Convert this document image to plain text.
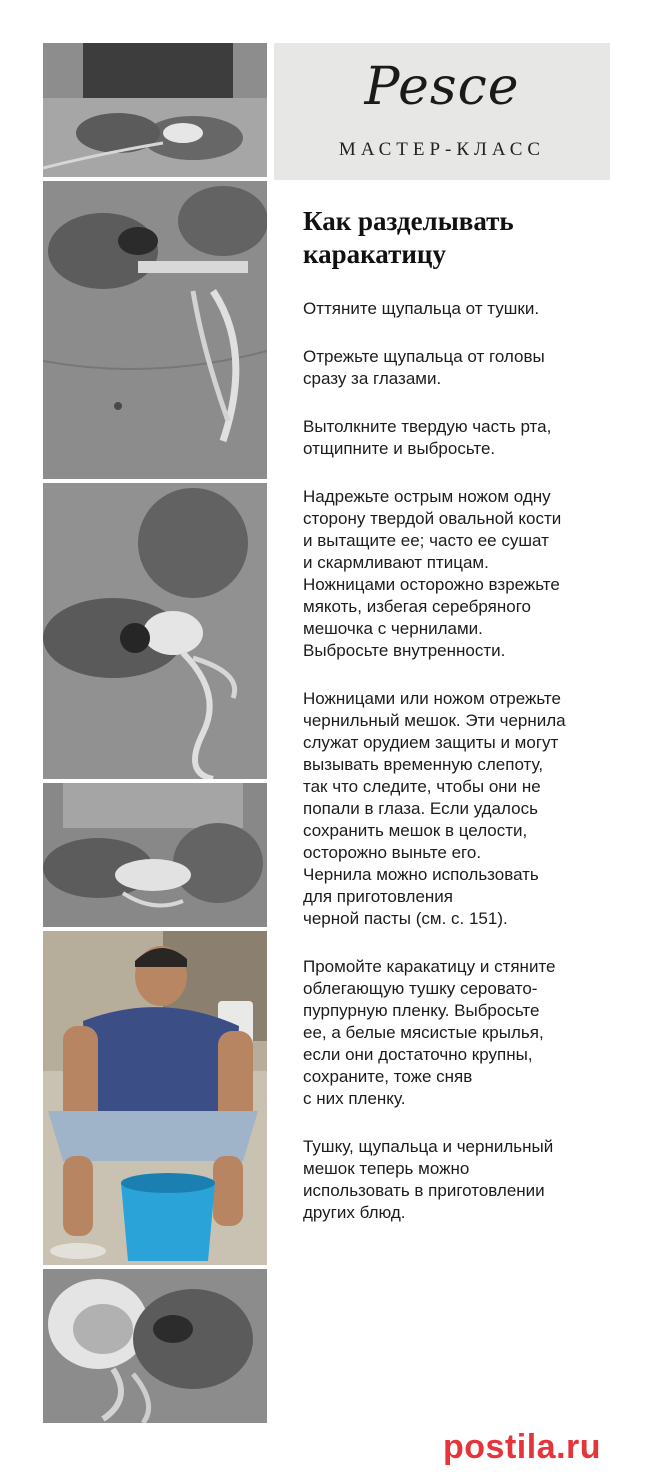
Pesce
МАСТЕР-КЛАСС
Как разделывать
каракатицу

Оттяните щупальца от тушки.

Отрежьте щупальца от головы
сразу за глазами.

Вытолкните твердую часть рта,
отщипните и выбросьте.

Надрежьте острым ножом одну
сторону твердой овальной кости
и вытащите ее; часто ее сушат
и скармливают птицам.
Ножницами осторожно взрежьте
мякоть, избегая серебряного
мешочка с чернилами.
Выбросьте внутренности.

Ножницами или ножом отрежьте
чернильный мешок. Эти чернила
служат орудием защиты и могут
вызывать временную слепоту,
так что следите, чтобы они не
попали в глаза. Если удалось
сохранить мешок в целости,
осторожно выньте его.
Чернила можно использовать
для приготовления
черной пасты (см. с. 151).

Промойте каракатицу и стяните
облегающую тушку серовато-
пурпурную пленку. Выбросьте
ее, а белые мясистые крылья,
если они достаточно крупны,
сохраните, тоже сняв
с них пленку.

Тушку, щупальца и чернильный
мешок теперь можно
использовать в приготовлении
других блюд.

postila.ru
